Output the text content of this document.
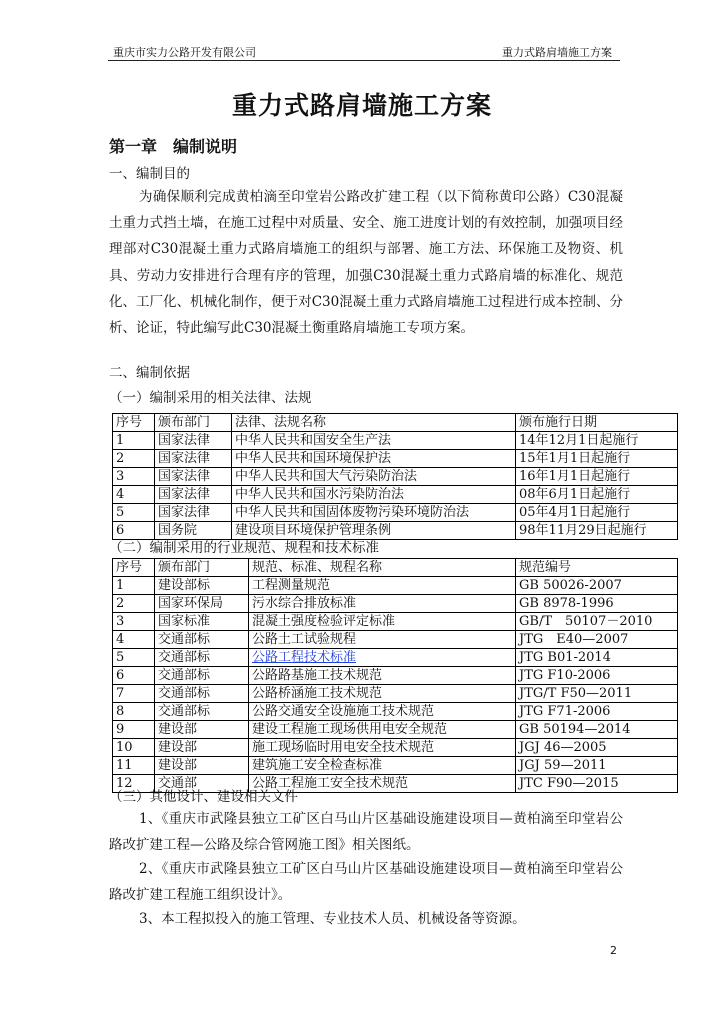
重庆市实力公路开发有限公司	重力式路肩墙施工方案
重力式路肩墙施工方案
第一章　编制说明
一、编制目的

为确保顺利完成黄柏滴至印堂岩公路改扩建工程（以下简称黄印公路）C30混凝土重力式挡土墙，在施工过程中对质量、安全、施工进度计划的有效控制，加强项目经理部对C30混凝土重力式路肩墙施工的组织与部署、施工方法、环保施工及物资、机具、劳动力安排进行合理有序的管理，加强C30混凝土重力式路肩墙的标准化、规范化、工厂化、机械化制作，便于对C30混凝土重力式路肩墙施工过程进行成本控制、分析、论证，特此编写此C30混凝土衡重路肩墙施工专项方案。

二、编制依据
（一）编制采用的相关法律、法规
序号	颁布部门	法律、法规名称	颁布施行日期
1	国家法律	中华人民共和国安全生产法	14年12月1日起施行
2	国家法律	中华人民共和国环境保护法	15年1月1日起施行
3	国家法律	中华人民共和国大气污染防治法	16年1月1日起施行
4	国家法律	中华人民共和国水污染防治法	08年6月1日起施行
5	国家法律	中华人民共和国固体废物污染环境防治法	05年4月1日起施行
6	国务院	建设项目环境保护管理条例	98年11月29日起施行
（二）编制采用的行业规范、规程和技术标准
序号	颁布部门	规范、标准、规程名称	规范编号
1	建设部标	工程测量规范	GB 50026-2007
2	国家环保局	污水综合排放标准	GB 8978-1996
3	国家标准	混凝土强度检验评定标准	GB/T　50107－2010
4	交通部标	公路土工试验规程	JTG　E40—2007
5	交通部标	公路工程技术标准	JTG B01-2014
6	交通部标	公路路基施工技术规范	JTG F10-2006
7	交通部标	公路桥涵施工技术规范	JTG/T F50—2011
8	交通部标	公路交通安全设施施工技术规范	JTG F71-2006
9	建设部	建设工程施工现场供用电安全规范	GB 50194—2014
10	建设部	施工现场临时用电安全技术规范	JGJ 46—2005
11	建设部	建筑施工安全检查标准	JGJ 59—2011
12	交通部	公路工程施工安全技术规范	JTC F90—2015
（三）其他设计、建设相关文件

1、《重庆市武隆县独立工矿区白马山片区基础设施建设项目—黄柏滴至印堂岩公路改扩建工程—公路及综合管网施工图》相关图纸。

2、《重庆市武隆县独立工矿区白马山片区基础设施建设项目—黄柏滴至印堂岩公路改扩建工程施工组织设计》。

3、本工程拟投入的施工管理、专业技术人员、机械设备等资源。

2
